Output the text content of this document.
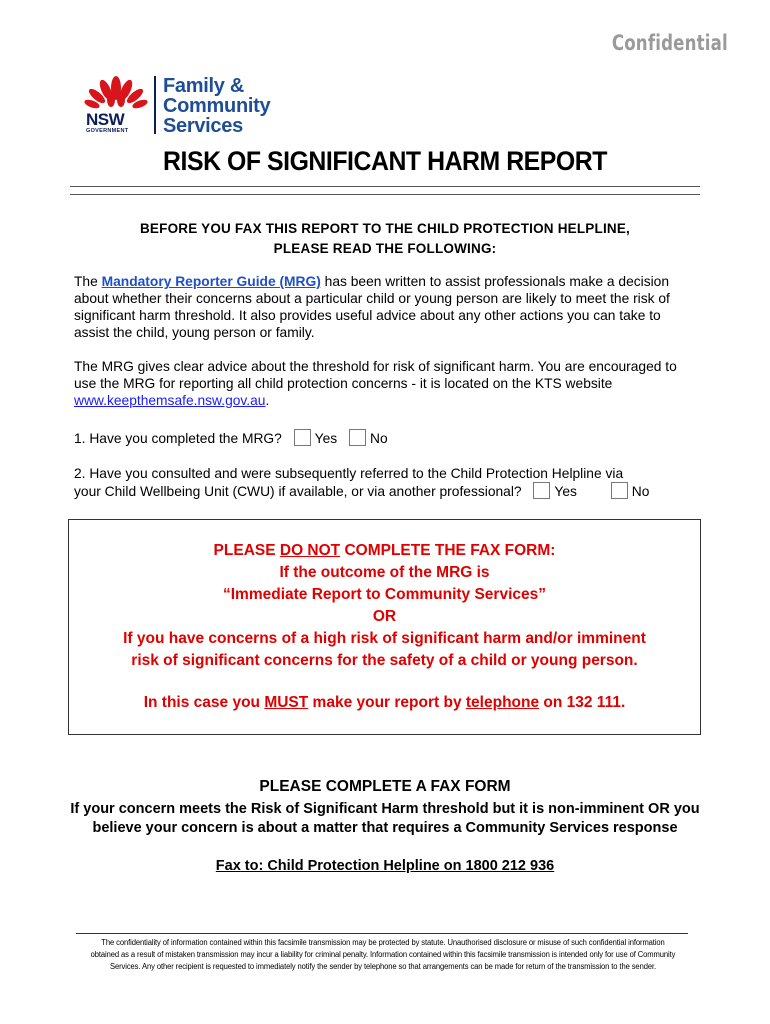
Confidential
NSW
GOVERNMENT
Family &
Community
Services
RISK OF SIGNIFICANT HARM REPORT
BEFORE YOU FAX THIS REPORT TO THE CHILD PROTECTION HELPLINE,
PLEASE READ THE FOLLOWING:
The Mandatory Reporter Guide (MRG) has been written to assist professionals make a decision about whether their concerns about a particular child or young person are likely to meet the risk of significant harm threshold. It also provides useful advice about any other actions you can take to assist the child, young person or family.
The MRG gives clear advice about the threshold for risk of significant harm. You are encouraged to use the MRG for reporting all child protection concerns - it is located on the KTS website www.keepthemsafe.nsw.gov.au.
1. Have you completed the MRG? Yes No
2. Have you consulted and were subsequently referred to the Child Protection Helpline via
your Child Wellbeing Unit (CWU) if available, or via another professional? Yes	No
PLEASE DO NOT COMPLETE THE FAX FORM:
If the outcome of the MRG is
“Immediate Report to Community Services”
OR
If you have concerns of a high risk of significant harm and/or imminent
risk of significant concerns for the safety of a child or young person.
In this case you MUST make your report by telephone on 132 111.
PLEASE COMPLETE A FAX FORM
If your concern meets the Risk of Significant Harm threshold but it is non-imminent OR you believe your concern is about a matter that requires a Community Services response
Fax to: Child Protection Helpline on 1800 212 936
The confidentiality of information contained within this facsimile transmission may be protected by statute. Unauthorised disclosure or misuse of such confidential information obtained as a result of mistaken transmission may incur a liability for criminal penalty. Information contained within this facsimile transmission is intended only for use of Community Services. Any other recipient is requested to immediately notify the sender by telephone so that arrangements can be made for return of the transmission to the sender.
